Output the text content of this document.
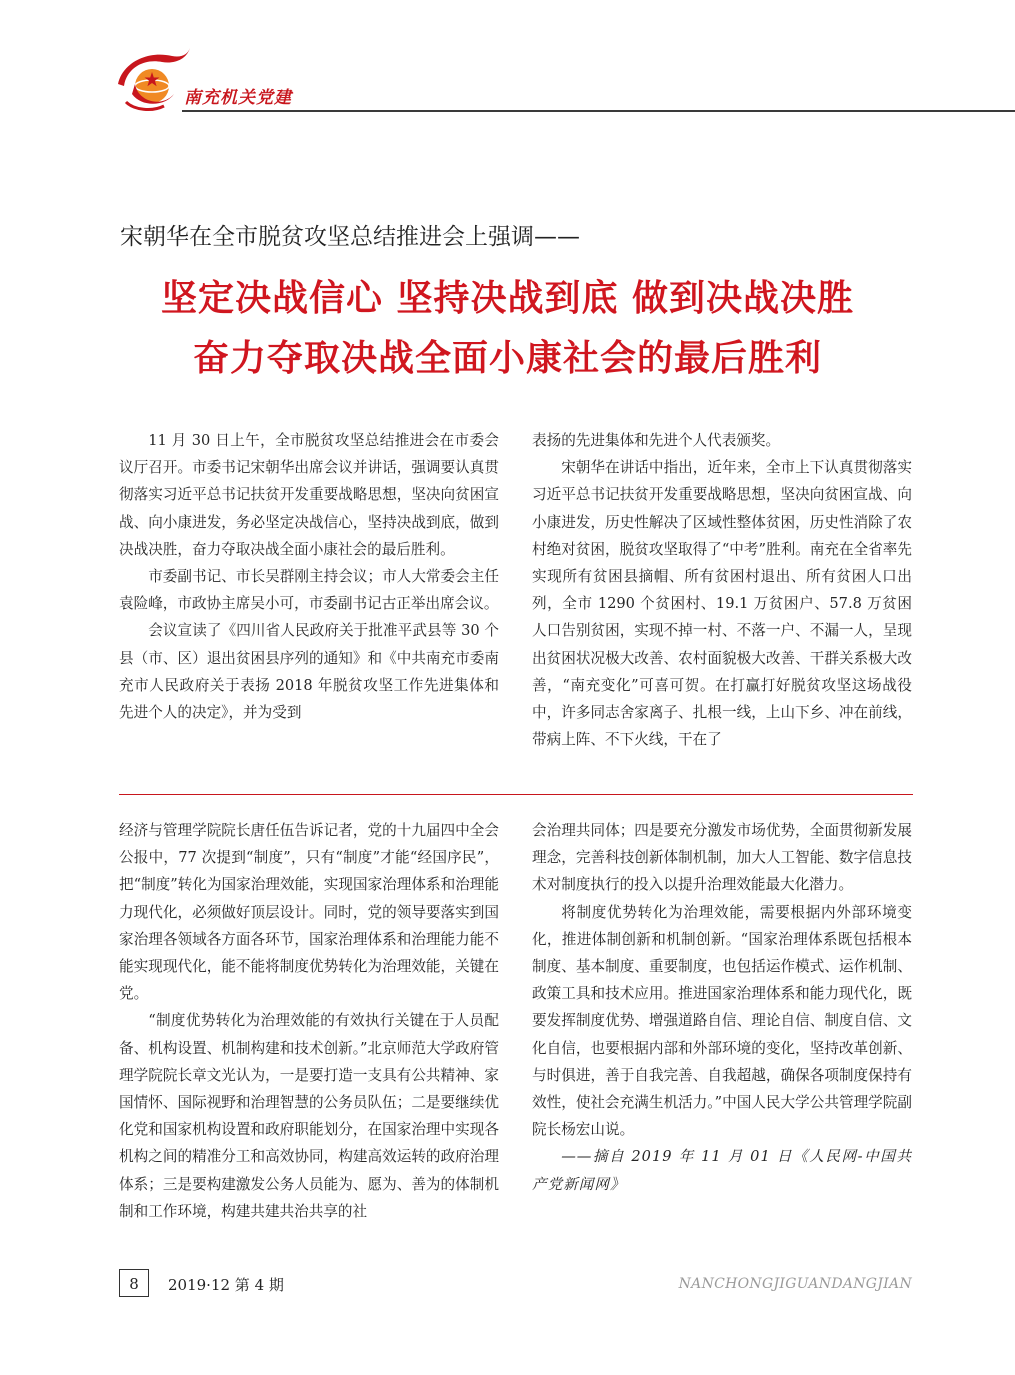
南充机关党建
宋朝华在全市脱贫攻坚总结推进会上强调——
坚定决战信心 坚持决战到底 做到决战决胜
奋力夺取决战全面小康社会的最后胜利

11 月 30 日上午，全市脱贫攻坚总结推进会在市委会议厅召开。市委书记宋朝华出席会议并讲话，强调要认真贯彻落实习近平总书记扶贫开发重要战略思想，坚决向贫困宣战、向小康进发，务必坚定决战信心，坚持决战到底，做到决战决胜，奋力夺取决战全面小康社会的最后胜利。

市委副书记、市长吴群刚主持会议；市人大常委会主任袁险峰，市政协主席吴小可，市委副书记古正举出席会议。

会议宣读了《四川省人民政府关于批准平武县等 30 个县（市、区）退出贫困县序列的通知》和《中共南充市委南充市人民政府关于表扬 2018 年脱贫攻坚工作先进集体和先进个人的决定》，并为受到

表扬的先进集体和先进个人代表颁奖。

宋朝华在讲话中指出，近年来，全市上下认真贯彻落实习近平总书记扶贫开发重要战略思想，坚决向贫困宣战、向小康进发，历史性解决了区域性整体贫困，历史性消除了农村绝对贫困，脱贫攻坚取得了“中考”胜利。南充在全省率先实现所有贫困县摘帽、所有贫困村退出、所有贫困人口出列，全市 1290 个贫困村、19.1 万贫困户、57.8 万贫困人口告别贫困，实现不掉一村、不落一户、不漏一人，呈现出贫困状况极大改善、农村面貌极大改善、干群关系极大改善，“南充变化”可喜可贺。在打赢打好脱贫攻坚这场战役中，许多同志舍家离子、扎根一线，上山下乡、冲在前线，带病上阵、不下火线，干在了

经济与管理学院院长唐任伍告诉记者，党的十九届四中全会公报中，77 次提到“制度”，只有“制度”才能“经国序民”，把“制度”转化为国家治理效能，实现国家治理体系和治理能力现代化，必须做好顶层设计。同时，党的领导要落实到国家治理各领域各方面各环节，国家治理体系和治理能力能不能实现现代化，能不能将制度优势转化为治理效能，关键在党。

“制度优势转化为治理效能的有效执行关键在于人员配备、机构设置、机制构建和技术创新。”北京师范大学政府管理学院院长章文光认为，一是要打造一支具有公共精神、家国情怀、国际视野和治理智慧的公务员队伍；二是要继续优化党和国家机构设置和政府职能划分，在国家治理中实现各机构之间的精准分工和高效协同，构建高效运转的政府治理体系；三是要构建激发公务人员能为、愿为、善为的体制机制和工作环境，构建共建共治共享的社

会治理共同体；四是要充分激发市场优势，全面贯彻新发展理念，完善科技创新体制机制，加大人工智能、数字信息技术对制度执行的投入以提升治理效能最大化潜力。

将制度优势转化为治理效能，需要根据内外部环境变化，推进体制创新和机制创新。“国家治理体系既包括根本制度、基本制度、重要制度，也包括运作模式、运作机制、政策工具和技术应用。推进国家治理体系和能力现代化，既要发挥制度优势、增强道路自信、理论自信、制度自信、文化自信，也要根据内部和外部环境的变化，坚持改革创新、与时俱进，善于自我完善、自我超越，确保各项制度保持有效性，使社会充满生机活力。”中国人民大学公共管理学院副院长杨宏山说。

——摘自 2019 年 11 月 01 日《人民网-中国共产党新闻网》

8	2019·12 第 4 期	NANCHONGJIGUANDANGJIAN
